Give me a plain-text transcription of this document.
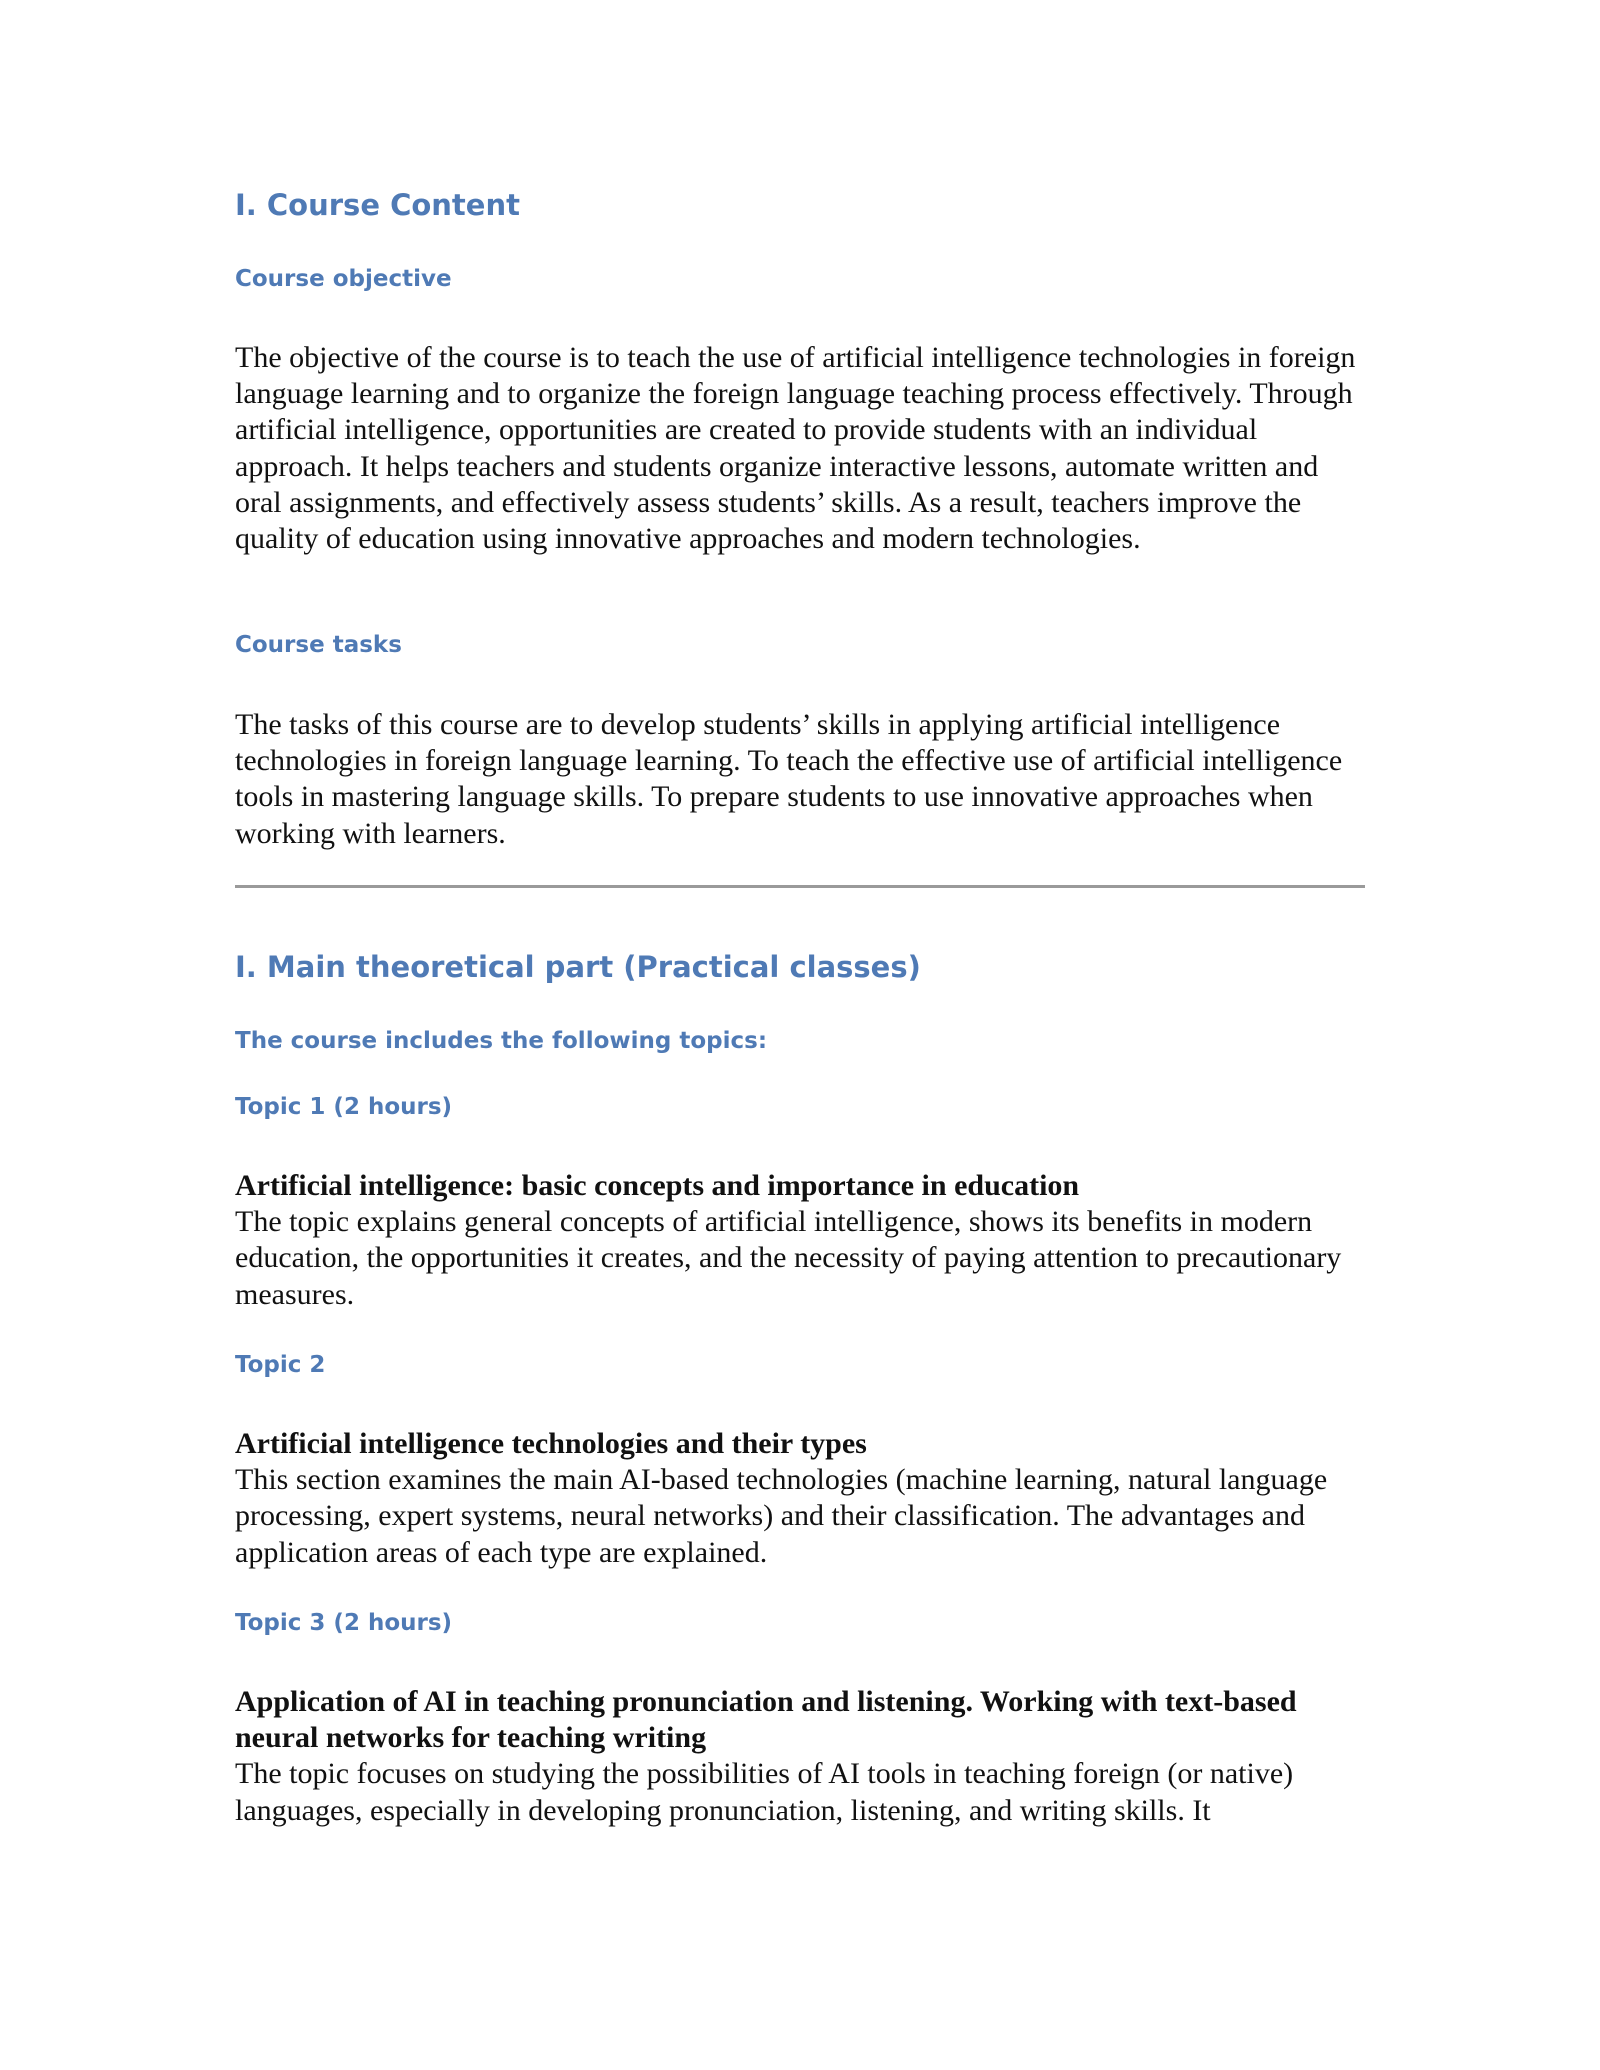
I. Course Content
Course objective

The objective of the course is to teach the use of artificial intelligence technologies in foreign language learning and to organize the foreign language teaching process effectively. Through artificial intelligence, opportunities are created to provide students with an individual approach. It helps teachers and students organize interactive lessons, automate written and oral assignments, and effectively assess students’ skills. As a result, teachers improve the quality of education using innovative approaches and modern technologies.

Course tasks

The tasks of this course are to develop students’ skills in applying artificial intelligence technologies in foreign language learning. To teach the effective use of artificial intelligence tools in mastering language skills. To prepare students to use innovative approaches when working with learners.

I. Main theoretical part (Practical classes)
The course includes the following topics:
Topic 1 (2 hours)
Artificial intelligence: basic concepts and importance in education
The topic explains general concepts of artificial intelligence, shows its benefits in modern education, the opportunities it creates, and the necessity of paying attention to precautionary measures.
Topic 2
Artificial intelligence technologies and their types
This section examines the main AI-based technologies (machine learning, natural language processing, expert systems, neural networks) and their classification. The advantages and application areas of each type are explained.
Topic 3 (2 hours)
Application of AI in teaching pronunciation and listening. Working with text-based neural networks for teaching writing
The topic focuses on studying the possibilities of AI tools in teaching foreign (or native) languages, especially in developing pronunciation, listening, and writing skills. It
